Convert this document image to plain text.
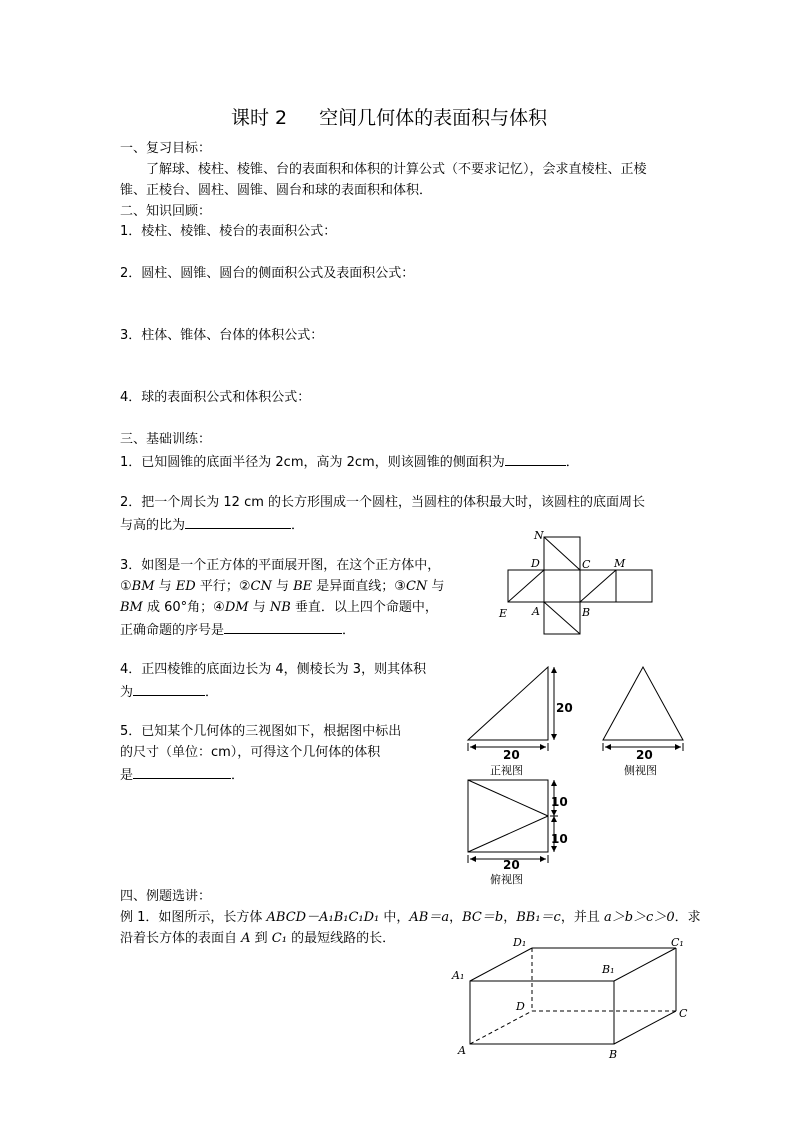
课时 2 空间几何体的表面积与体积

一、复习目标：

了解球、棱柱、棱锥、台的表面积和体积的计算公式（不要求记忆），会求直棱柱、正棱

锥、正棱台、圆柱、圆锥、圆台和球的表面积和体积．

二、知识回顾：

1．棱柱、棱锥、棱台的表面积公式：

2．圆柱、圆锥、圆台的侧面积公式及表面积公式：

3．柱体、锥体、台体的体积公式：

4．球的表面积公式和体积公式：

三、基础训练：

1．已知圆锥的底面半径为 2cm，高为 2cm，则该圆锥的侧面积为	．

2．把一个周长为 12 cm 的长方形围成一个圆柱，当圆柱的体积最大时，该圆柱的底面周长

与高的比为	．

3．如图是一个正方体的平面展开图，在这个正方体中，

①BM 与 ED 平行；②CN 与 BE 是异面直线；③CN 与
BM 成 60°角；④DM 与 NB 垂直．以上四个命题中，
正确命题的序号是	．
N
D	C M
E A	B

4．正四棱锥的底面边长为 4，侧棱长为 3，则其体积

为	．

5．已知某个几何体的三视图如下，根据图中标出

的尺寸（单位：cm），可得这个几何体的体积

是	．
20
20
正视图
20
侧视图
10
10
20
俯视图

四、例题选讲：

例 1．如图所示，长方体 ABCD－A₁B₁C₁D₁ 中，AB＝a，BC＝b，BB₁＝c，并且 a＞b＞c＞0．求
沿着长方体的表面自 A 到 C₁ 的最短线路的长．	D₁	C₁
A₁	B₁
D
C
A	B
